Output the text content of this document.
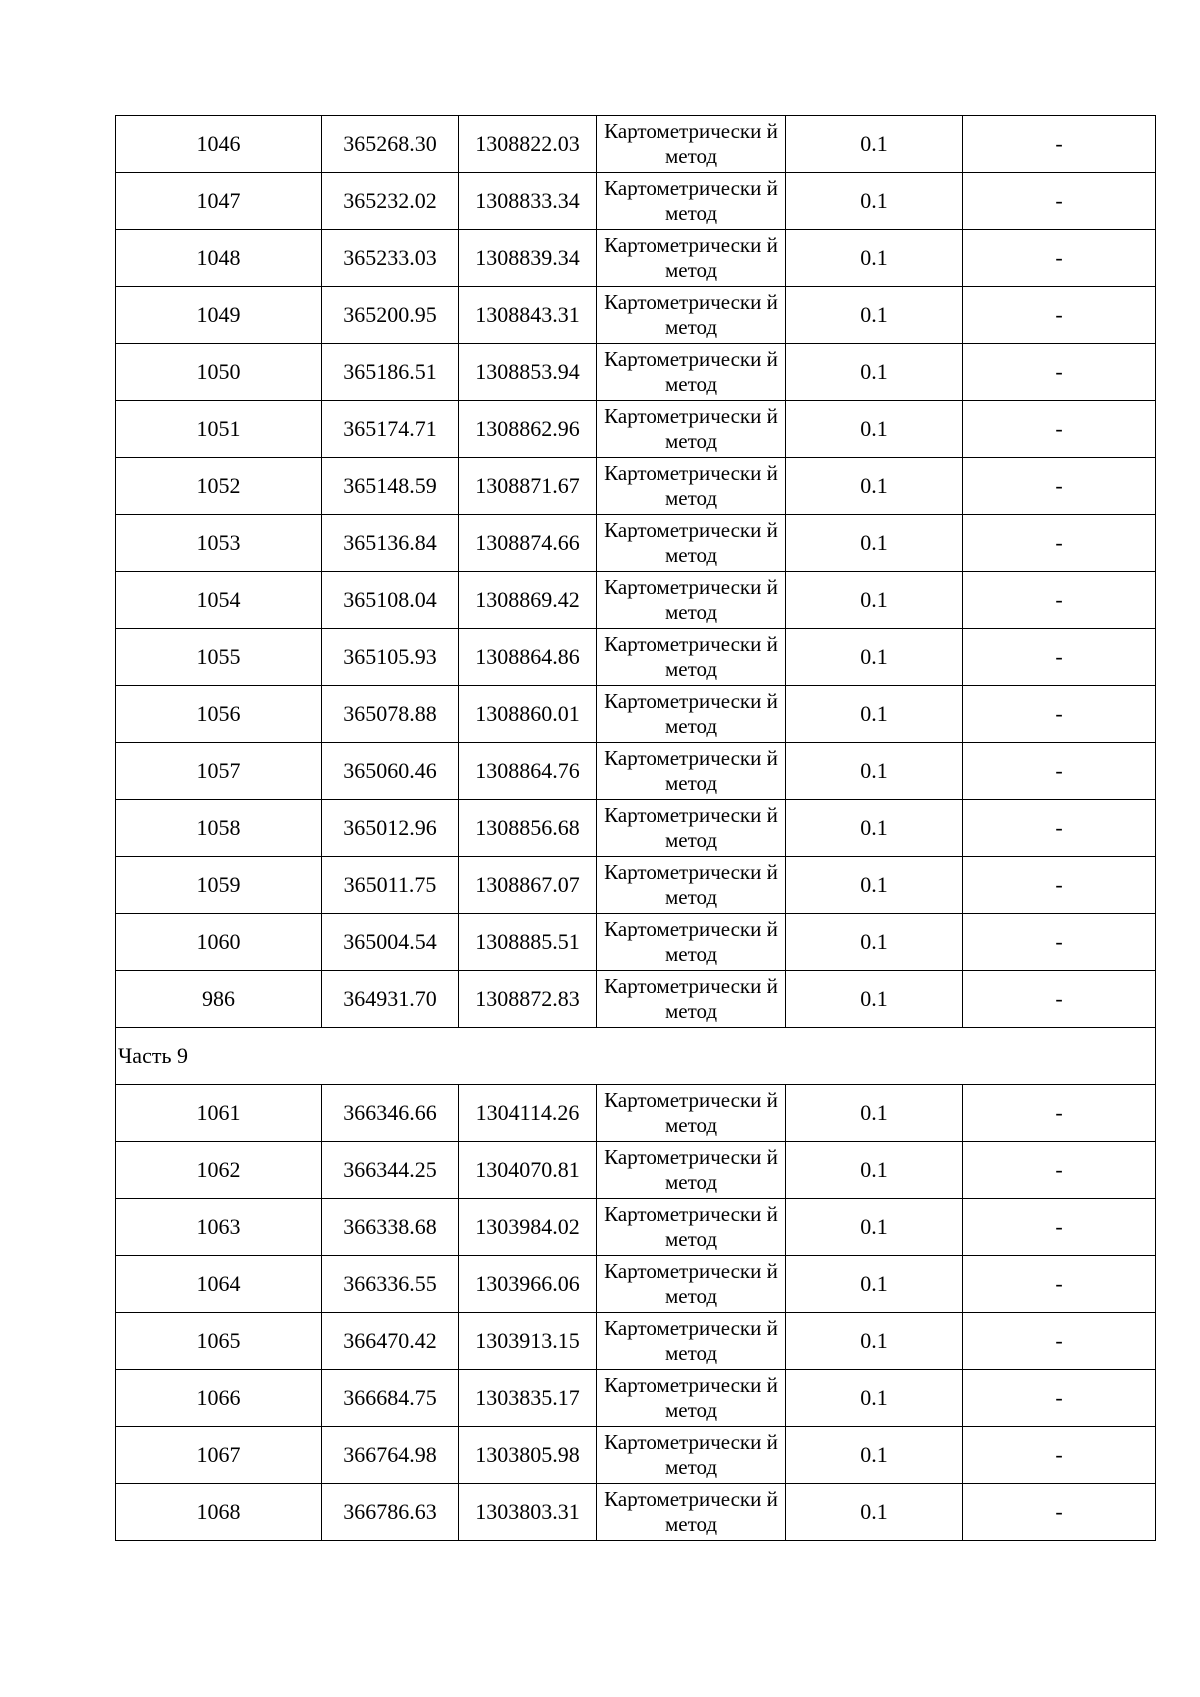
1046	365268.30	1308822.03	Картометрически й метод	0.1	-
1047	365232.02	1308833.34	Картометрически й метод	0.1	-
1048	365233.03	1308839.34	Картометрически й метод	0.1	-
1049	365200.95	1308843.31	Картометрически й метод	0.1	-
1050	365186.51	1308853.94	Картометрически й метод	0.1	-
1051	365174.71	1308862.96	Картометрически й метод	0.1	-
1052	365148.59	1308871.67	Картометрически й метод	0.1	-
1053	365136.84	1308874.66	Картометрически й метод	0.1	-
1054	365108.04	1308869.42	Картометрически й метод	0.1	-
1055	365105.93	1308864.86	Картометрически й метод	0.1	-
1056	365078.88	1308860.01	Картометрически й метод	0.1	-
1057	365060.46	1308864.76	Картометрически й метод	0.1	-
1058	365012.96	1308856.68	Картометрически й метод	0.1	-
1059	365011.75	1308867.07	Картометрически й метод	0.1	-
1060	365004.54	1308885.51	Картометрически й метод	0.1	-
986	364931.70	1308872.83	Картометрически й метод	0.1	-
Часть 9					
1061	366346.66	1304114.26	Картометрически й метод	0.1	-
1062	366344.25	1304070.81	Картометрически й метод	0.1	-
1063	366338.68	1303984.02	Картометрически й метод	0.1	-
1064	366336.55	1303966.06	Картометрически й метод	0.1	-
1065	366470.42	1303913.15	Картометрически й метод	0.1	-
1066	366684.75	1303835.17	Картометрически й метод	0.1	-
1067	366764.98	1303805.98	Картометрически й метод	0.1	-
1068	366786.63	1303803.31	Картометрически й метод	0.1	-
